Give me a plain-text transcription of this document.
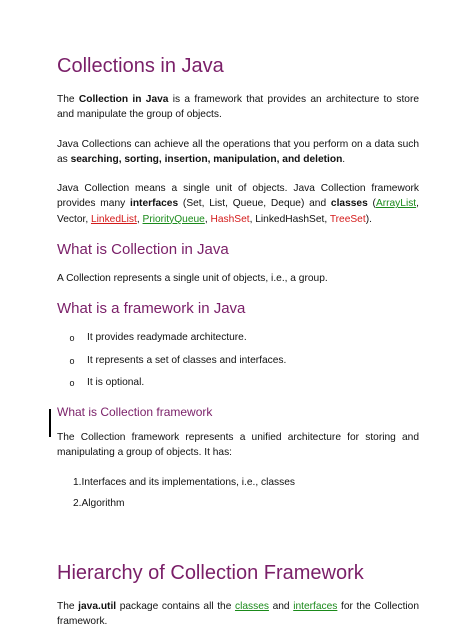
Collections in Java

The Collection in Java is a framework that provides an architecture to store and manipulate the group of objects.

Java Collections can achieve all the operations that you perform on a data such as searching, sorting, insertion, manipulation, and deletion.

Java Collection means a single unit of objects. Java Collection framework provides many interfaces (Set, List, Queue, Deque) and classes (ArrayList, Vector, LinkedList, PriorityQueue, HashSet, LinkedHashSet, TreeSet).

What is Collection in Java

A Collection represents a single unit of objects, i.e., a group.

What is a framework in Java
o	It provides readymade architecture.
o	It represents a set of classes and interfaces.
o	It is optional.
What is Collection framework

The Collection framework represents a unified architecture for storing and manipulating a group of objects. It has:

1. Interfaces and its implementations, i.e., classes
2. Algorithm
Hierarchy of Collection Framework

The java.util package contains all the classes and interfaces for the Collection framework.
